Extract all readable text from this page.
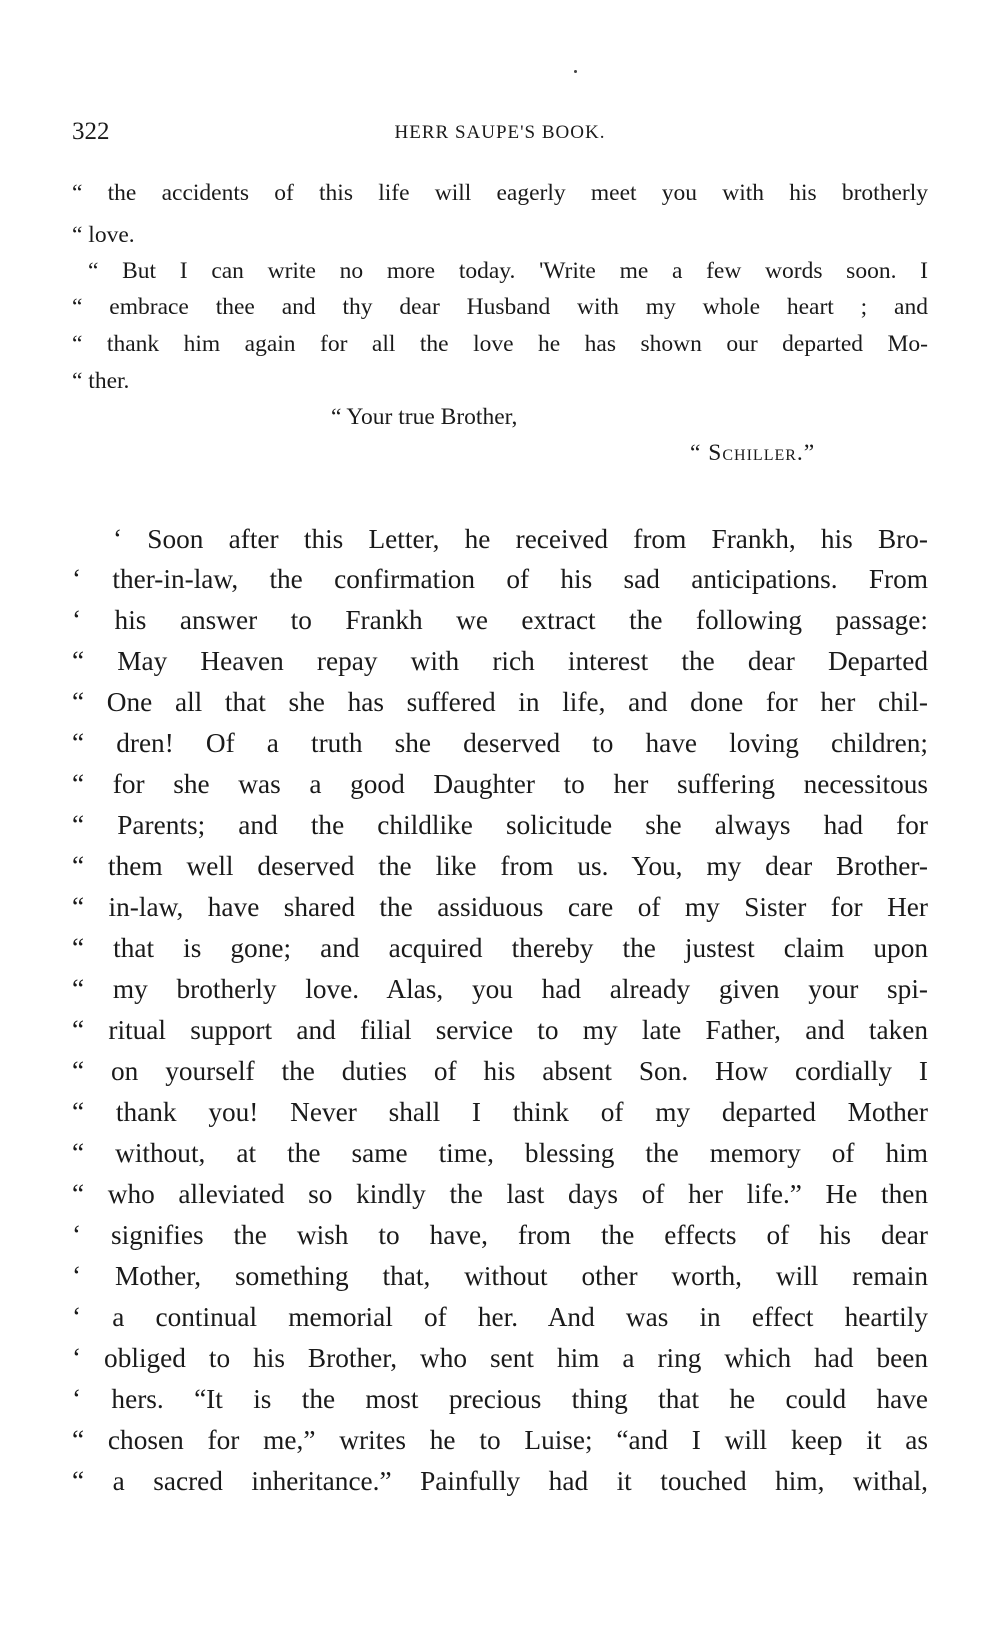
322	HERR SAUPE'S BOOK.
“ the accidents of this life will eagerly meet you with his brotherly
“ love.
“ But I can write no more today. 'Write me a few words soon. I
“ embrace thee and thy dear Husband with my whole heart ; and
“ thank him again for all the love he has shown our departed Mo-
“ ther.
“ Your true Brother,
“ Schiller.”
‘ Soon after this Letter, he received from Frankh, his Bro-
‘ ther-in-law, the confirmation of his sad anticipations. From
‘ his answer to Frankh we extract the following passage:
“ May Heaven repay with rich interest the dear Departed
“ One all that she has suffered in life, and done for her chil-
“ dren! Of a truth she deserved to have loving children;
“ for she was a good Daughter to her suffering necessitous
“ Parents; and the childlike solicitude she always had for
“ them well deserved the like from us. You, my dear Brother-
“ in-law, have shared the assiduous care of my Sister for Her
“ that is gone; and acquired thereby the justest claim upon
“ my brotherly love. Alas, you had already given your spi-
“ ritual support and filial service to my late Father, and taken
“ on yourself the duties of his absent Son. How cordially I
“ thank you! Never shall I think of my departed Mother
“ without, at the same time, blessing the memory of him
“ who alleviated so kindly the last days of her life.” He then
‘ signifies the wish to have, from the effects of his dear
‘ Mother, something that, without other worth, will remain
‘ a continual memorial of her. And was in effect heartily
‘ obliged to his Brother, who sent him a ring which had been
‘ hers. “It is the most precious thing that he could have
“ chosen for me,” writes he to Luise; “and I will keep it as
“ a sacred inheritance.” Painfully had it touched him, withal,
